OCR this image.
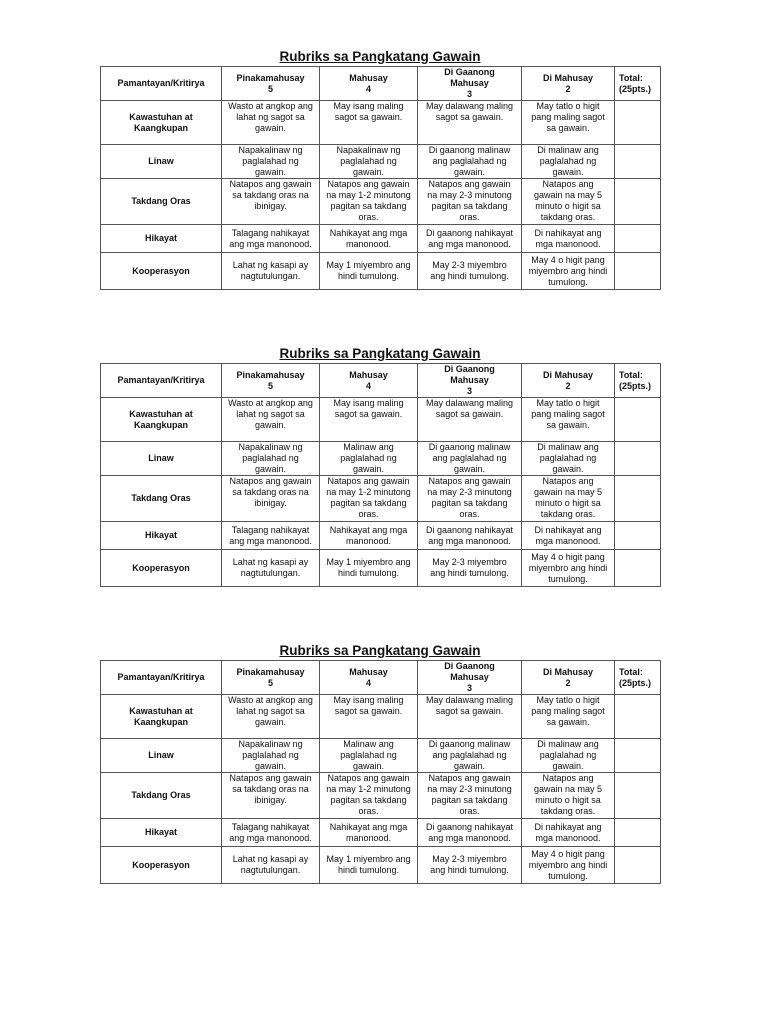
Rubriks sa Pangkatang Gawain
Pamantayan/Kritirya	Pinakamahusay
5	Mahusay
4	Di Gaanong
Mahusay
3	Di Mahusay
2	Total:
(25pts.)

Kawastuhan at
Kaangkupan	Wasto at angkop ang
lahat ng sagot sa
gawain.	May isang maling
sagot sa gawain.	May dalawang maling
sagot sa gawain.	May tatlo o higit
pang maling sagot
sa gawain.	

Linaw	Napakalinaw ng
paglalahad ng
gawain.	Napakalinaw ng
paglalahad ng
gawain.	Di gaanong malinaw
ang paglalahad ng
gawain.	Di malinaw ang
paglalahad ng
gawain.	

Takdang Oras	Natapos ang gawain
sa takdang oras na
ibinigay.	Natapos ang gawain
na may 1-2 minutong
pagitan sa takdang
oras.	Natapos ang gawain
na may 2-3 minutong
pagitan sa takdang
oras.	Natapos ang
gawain na may 5
minuto o higit sa
takdang oras.	

Hikayat	Talagang nahikayat
ang mga manonood.	Nahikayat ang mga
manonood.	Di gaanong nahikayat
ang mga manonood.	Di nahikayat ang
mga manonood.	

Kooperasyon	Lahat ng kasapi ay
nagtutulungan.	May 1 miyembro ang
hindi tumulong.	May 2-3 miyembro
ang hindi tumulong.	May 4 o higit pang
miyembro ang hindi
tumulong.	

Rubriks sa Pangkatang Gawain
Pamantayan/Kritirya	Pinakamahusay
5	Mahusay
4	Di Gaanong
Mahusay
3	Di Mahusay
2	Total:
(25pts.)

Kawastuhan at
Kaangkupan	Wasto at angkop ang
lahat ng sagot sa
gawain.	May isang maling
sagot sa gawain.	May dalawang maling
sagot sa gawain.	May tatlo o higit
pang maling sagot
sa gawain.	

Linaw	Napakalinaw ng
paglalahad ng
gawain.	Malinaw ang
paglalahad ng
gawain.	Di gaanong malinaw
ang paglalahad ng
gawain.	Di malinaw ang
paglalahad ng
gawain.	

Takdang Oras	Natapos ang gawain
sa takdang oras na
ibinigay.	Natapos ang gawain
na may 1-2 minutong
pagitan sa takdang
oras.	Natapos ang gawain
na may 2-3 minutong
pagitan sa takdang
oras.	Natapos ang
gawain na may 5
minuto o higit sa
takdang oras.	

Hikayat	Talagang nahikayat
ang mga manonood.	Nahikayat ang mga
manonood.	Di gaanong nahikayat
ang mga manonood.	Di nahikayat ang
mga manonood.	

Kooperasyon	Lahat ng kasapi ay
nagtutulungan.	May 1 miyembro ang
hindi tumulong.	May 2-3 miyembro
ang hindi tumulong.	May 4 o higit pang
miyembro ang hindi
tumulong.	

Rubriks sa Pangkatang Gawain
Pamantayan/Kritirya	Pinakamahusay
5	Mahusay
4	Di Gaanong
Mahusay
3	Di Mahusay
2	Total:
(25pts.)

Kawastuhan at
Kaangkupan	Wasto at angkop ang
lahat ng sagot sa
gawain.	May isang maling
sagot sa gawain.	May dalawang maling
sagot sa gawain.	May tatlo o higit
pang maling sagot
sa gawain.	

Linaw	Napakalinaw ng
paglalahad ng
gawain.	Malinaw ang
paglalahad ng
gawain.	Di gaanong malinaw
ang paglalahad ng
gawain.	Di malinaw ang
paglalahad ng
gawain.	

Takdang Oras	Natapos ang gawain
sa takdang oras na
ibinigay.	Natapos ang gawain
na may 1-2 minutong
pagitan sa takdang
oras.	Natapos ang gawain
na may 2-3 minutong
pagitan sa takdang
oras.	Natapos ang
gawain na may 5
minuto o higit sa
takdang oras.	

Hikayat	Talagang nahikayat
ang mga manonood.	Nahikayat ang mga
manonood.	Di gaanong nahikayat
ang mga manonood.	Di nahikayat ang
mga manonood.	

Kooperasyon	Lahat ng kasapi ay
nagtutulungan.	May 1 miyembro ang
hindi tumulong.	May 2-3 miyembro
ang hindi tumulong.	May 4 o higit pang
miyembro ang hindi
tumulong.	
